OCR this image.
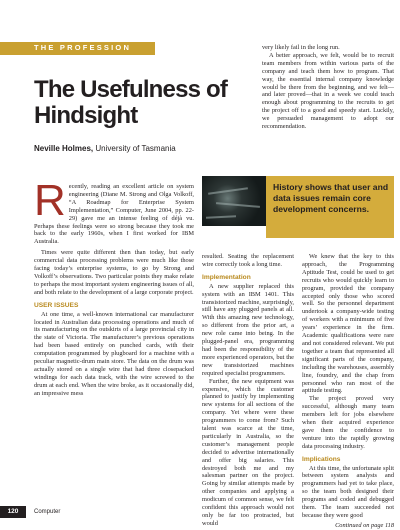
THE PROFESSION
The Usefulness of Hindsight
Neville Holmes, University of Tasmania

Recently, reading an excellent article on system engineering (Diane M. Strong and Olga Volkoff, “A Roadmap for Enterprise System Implementation,” Computer, June 2004, pp. 22-29) gave me an intense feeling of déjà vu. Perhaps these feelings were so strong because they took me back to the early 1960s, when I first worked for IBM Australia.

Times were quite different then than today, but early commercial data processing problems were much like those facing today’s enterprise systems, to go by Strong and Volkoff’s observations. Two particular points they make relate to perhaps the most important system engineering issues of all, and both relate to the development of a large corporate project.

USER ISSUES

At one time, a well-known international car manufacturer located in Australian data processing operations and much of its manufacturing on the outskirts of a large provincial city in the state of Victoria. The manufacturer’s previous operations had been based entirely on punched cards, with their computation programmed by plugboard for a machine with a peculiar magnetic-drum main store. The data on the drum was actually stored on a single wire that had three closepacked windings for each data track, with the wire screwed to the drum at each end. When the wire broke, as it occasionally did, an impressive mess

History shows that user and data issues remain core development concerns.

resulted. Seating the replacement wire correctly took a long time.

Implementation

A new supplier replaced this system with an IBM 1401. This transistorized machine, surprisingly, still have any plugged panels at all. With this amazing new technology, so different from the prior art, a new role came into being. In the plugged-panel era, programming had been the responsibility of the more experienced operators, but the new transistorized machines required specialist programmers.

Further, the new equipment was expensive, which the customer planned to justify by implementing new systems for all sections of the company. Yet where were these programmers to come from? Such talent was scarce at the time, particularly in Australia, so the customer’s management people decided to advertise internationally and offer big salaries. This destroyed both me and my salesman partner on the project. Going by similar attempts made by other companies and applying a modicum of common sense, we felt confident this approach would not only be far too protracted, but would

very likely fail in the long run.

A better approach, we felt, would be to recruit team members from within various parts of the company and teach them how to program. That way, the essential internal company knowledge would be there from the beginning, and we felt—and later proved—that in a week we could teach enough about programming to the recruits to get the project off to a good and speedy start. Luckily, we persuaded management to adopt our recommendation.

We knew that the key to this approach, the Programming Aptitude Test, could be used to get recruits who would quickly learn to program, provided the company accepted only those who scored well. So the personnel department undertook a company-wide testing of workers with a minimum of five years’ experience in the firm. Academic qualifications were rare and not considered relevant. We put together a team that represented all significant parts of the company, including the warehouses, assembly line, foundry, and the chap from personnel who ran most of the aptitude testing.

The project proved very successful, although many team members left for jobs elsewhere when their acquired experience gave them the confidence to venture into the rapidly growing data processing industry.

Implications

At this time, the unfortunate split between system analysts and programmers had yet to take place, so the team both designed their programs and coded and debugged them. The team succeeded not because they were good

Continued on page 118
120	Computer
